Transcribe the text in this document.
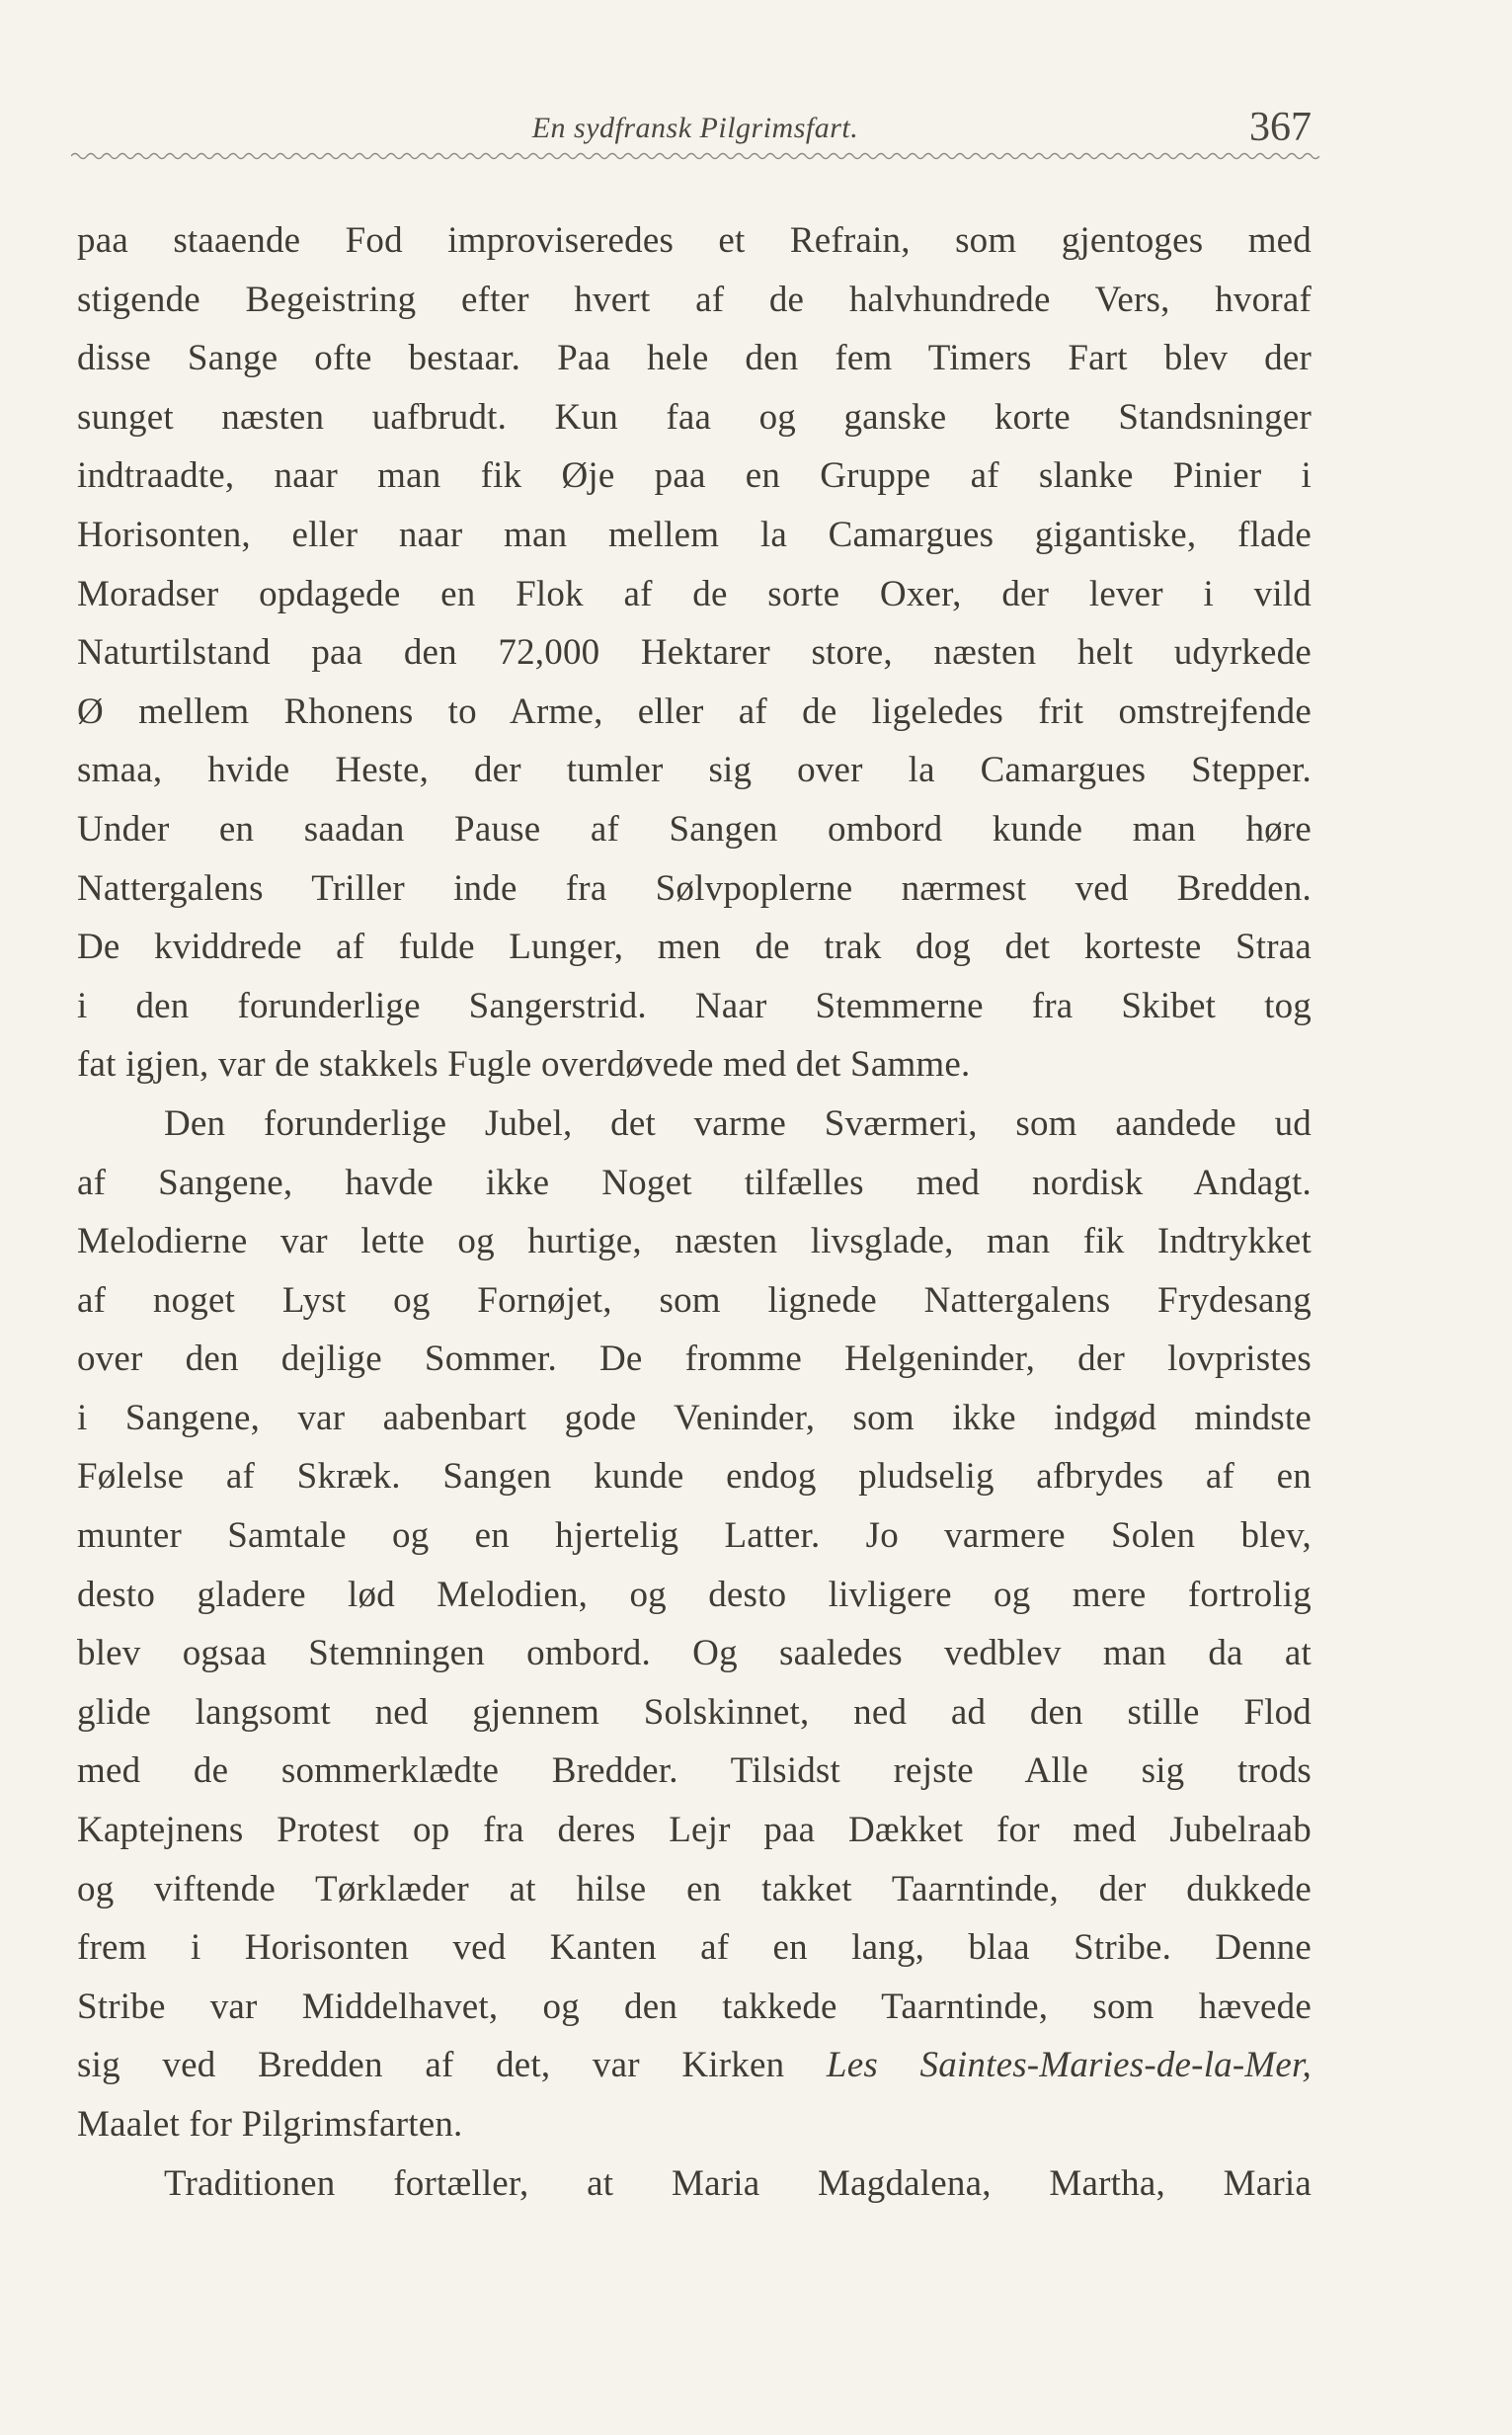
En sydfransk Pilgrimsfart.	367
paa staaende Fod improviseredes et Refrain, som gjentoges med
stigende Begeistring efter hvert af de halvhundrede Vers, hvoraf
disse Sange ofte bestaar. Paa hele den fem Timers Fart blev der
sunget næsten uafbrudt. Kun faa og ganske korte Standsninger
indtraadte, naar man fik Øje paa en Gruppe af slanke Pinier i
Horisonten, eller naar man mellem la Camargues gigantiske, flade
Moradser opdagede en Flok af de sorte Oxer, der lever i vild
Naturtilstand paa den 72,000 Hektarer store, næsten helt udyrkede
Ø mellem Rhonens to Arme, eller af de ligeledes frit omstrejfende
smaa, hvide Heste, der tumler sig over la Camargues Stepper.
Under en saadan Pause af Sangen ombord kunde man høre
Nattergalens Triller inde fra Sølvpoplerne nærmest ved Bredden.
De kviddrede af fulde Lunger, men de trak dog det korteste Straa
i den forunderlige Sangerstrid. Naar Stemmerne fra Skibet tog
fat igjen, var de stakkels Fugle overdøvede med det Samme.
Den forunderlige Jubel, det varme Sværmeri, som aandede ud
af Sangene, havde ikke Noget tilfælles med nordisk Andagt.
Melodierne var lette og hurtige, næsten livsglade, man fik Indtrykket
af noget Lyst og Fornøjet, som lignede Nattergalens Frydesang
over den dejlige Sommer. De fromme Helgeninder, der lovpristes
i Sangene, var aabenbart gode Veninder, som ikke indgød mindste
Følelse af Skræk. Sangen kunde endog pludselig afbrydes af en
munter Samtale og en hjertelig Latter. Jo varmere Solen blev,
desto gladere lød Melodien, og desto livligere og mere fortrolig
blev ogsaa Stemningen ombord. Og saaledes vedblev man da at
glide langsomt ned gjennem Solskinnet, ned ad den stille Flod
med de sommerklædte Bredder. Tilsidst rejste Alle sig trods
Kaptejnens Protest op fra deres Lejr paa Dækket for med Jubelraab
og viftende Tørklæder at hilse en takket Taarntinde, der dukkede
frem i Horisonten ved Kanten af en lang, blaa Stribe. Denne
Stribe var Middelhavet, og den takkede Taarntinde, som hævede
sig ved Bredden af det, var Kirken Les Saintes-Maries-de-la-Mer,
Maalet for Pilgrimsfarten.
Traditionen fortæller, at Maria Magdalena, Martha, Maria
